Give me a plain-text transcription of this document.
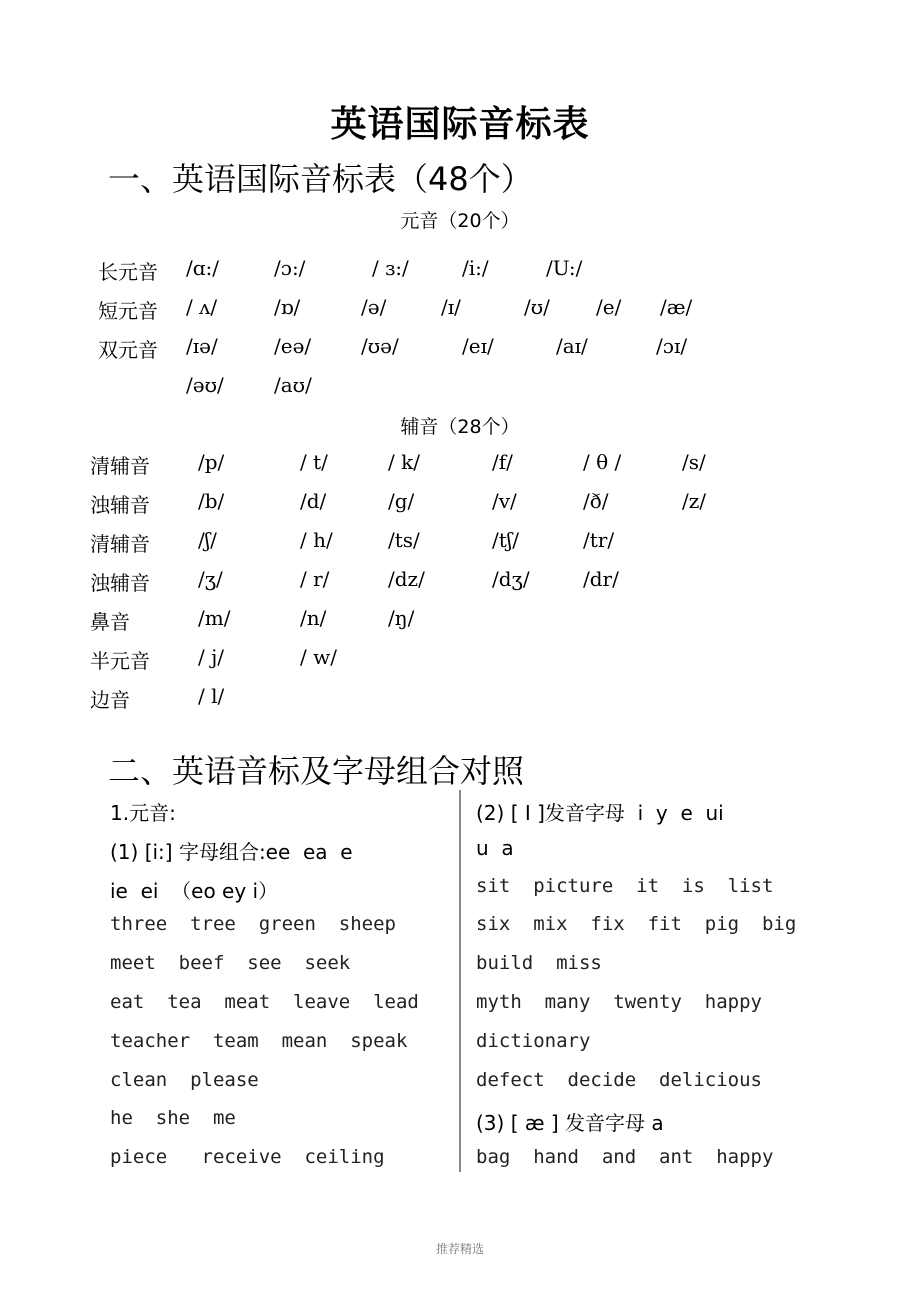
英语国际音标表
一、英语国际音标表（48个）
元音（20个）
长元音 /ɑ:/	/ɔ:/	/ ɜ:/	/i:/	/U:/
短元音 / ʌ/	/ɒ/	/ə/	/ɪ/	/ʊ/ /e/ /æ/
双元音 /ɪə/	/eə/ /ʊə/	/eɪ/	/aɪ/	/ɔɪ/
/əʊ/	/aʊ/
辅音（28个）
清辅音 /p/	/ t/	/ k/	/f/	/ θ /	/s/
浊辅音 /b/	/d/	/g/	/v/	/ð/	/z/
清辅音 /ʃ/	/ h/	/ts/	/tʃ/	/tr/
浊辅音 /ʒ/	/ r/	/dz/	/dʒ/	/dr/
鼻音	/m/	/n/	/ŋ/
半元音 / j/	/ w/
边音	/ l/
二、英语音标及字母组合对照
1.元音:
(1) [i:] 字母组合:ee  ea  e
ie  ei  （eo ey i）
three  tree  green  sheep
meet  beef  see  seek
eat  tea  meat  leave  lead
teacher  team  mean  speak
clean  please
he  she  me
piece   receive  ceiling
(2) [ I ]发音字母  i  y  e  ui
u  a
sit  picture  it  is  list
six  mix  fix  fit  pig  big
build  miss
myth  many  twenty  happy
dictionary
defect  decide  delicious
(3) [ æ ] 发音字母 a
bag  hand  and  ant  happy
推荐精选
